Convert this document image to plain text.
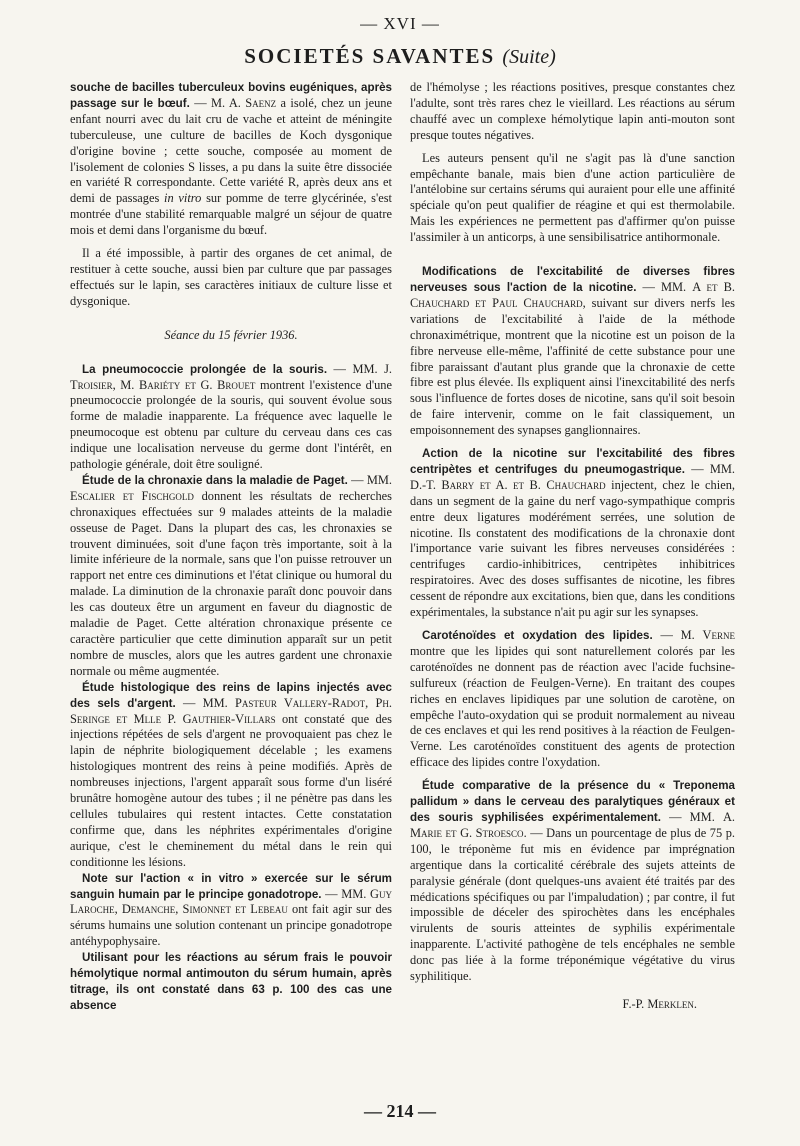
— XVI —
SOCIETÉS SAVANTES (Suite)

souche de bacilles tuberculeux bovins eugéniques, après passage sur le bœuf. — M. A. Saenz a isolé, chez un jeune enfant nourri avec du lait cru de vache et atteint de méningite tuberculeuse, une culture de bacilles de Koch dysgonique d'origine bovine ; cette souche, composée au moment de l'isolement de colonies S lisses, a pu dans la suite être dissociée en variété R correspondante. Cette variété R, après deux ans et demi de passages in vitro sur pomme de terre glycérinée, s'est montrée d'une stabilité remarquable malgré un séjour de quatre mois et demi dans l'organisme du bœuf.

Il a été impossible, à partir des organes de cet animal, de restituer à cette souche, aussi bien par culture que par passages effectués sur le lapin, ses caractères initiaux de culture lisse et dysgonique.

Séance du 15 février 1936.

La pneumococcie prolongée de la souris. — MM. J. Troisier, M. Bariéty et G. Brouet montrent l'existence d'une pneumococcie prolongée de la souris, qui souvent évolue sous forme de maladie inapparente. La fréquence avec laquelle le pneumocoque est obtenu par culture du cerveau dans ces cas indique une localisation nerveuse du germe dont l'intérêt, en pathologie générale, doit être souligné.

Étude de la chronaxie dans la maladie de Paget. — MM. Escalier et Fischgold donnent les résultats de recherches chronaxiques effectuées sur 9 malades atteints de la maladie osseuse de Paget. Dans la plupart des cas, les chronaxies se trouvent diminuées, soit d'une façon très importante, soit à la limite inférieure de la normale, sans que l'on puisse retrouver un rapport net entre ces diminutions et l'état clinique ou humoral du malade. La diminution de la chronaxie paraît donc pouvoir dans les cas douteux être un argument en faveur du diagnostic de maladie de Paget. Cette altération chronaxique présente ce caractère particulier que cette diminution apparaît sur un petit nombre de muscles, alors que les autres gardent une chronaxie normale ou même augmentée.

Étude histologique des reins de lapins injectés avec des sels d'argent. — MM. Pasteur Vallery-Radot, Ph. Seringe et Mlle P. Gauthier-Villars ont constaté que des injections répétées de sels d'argent ne provoquaient pas chez le lapin de néphrite biologiquement décelable ; les examens histologiques montrent des reins à peine modifiés. Après de nombreuses injections, l'argent apparaît sous forme d'un liséré brunâtre homogène autour des tubes ; il ne pénètre pas dans les cellules tubulaires qui restent intactes. Cette constatation confirme que, dans les néphrites expérimentales d'origine aurique, c'est le cheminement du métal dans le rein qui conditionne les lésions.

Note sur l'action « in vitro » exercée sur le sérum sanguin humain par le principe gonadotrope. — MM. Guy Laroche, Demanche, Simonnet et Lebeau ont fait agir sur des sérums humains une solution contenant un principe gonadotrope antéhypophysaire.

Utilisant pour les réactions au sérum frais le pouvoir hémolytique normal antimouton du sérum humain, après titrage, ils ont constaté dans 63 p. 100 des cas une absence

de l'hémolyse ; les réactions positives, presque constantes chez l'adulte, sont très rares chez le vieillard. Les réactions au sérum chauffé avec un complexe hémolytique lapin anti-mouton sont presque toutes négatives.

Les auteurs pensent qu'il ne s'agit pas là d'une sanction empêchante banale, mais bien d'une action particulière de l'antélobine sur certains sérums qui auraient pour elle une affinité spéciale qu'on peut qualifier de réagine et qui est thermolabile. Mais les expériences ne permettent pas d'affirmer qu'on puisse l'assimiler à un anticorps, à une sensibilisatrice antihormonale.

Modifications de l'excitabilité de diverses fibres nerveuses sous l'action de la nicotine. — MM. A et B. Chauchard et Paul Chauchard, suivant sur divers nerfs les variations de l'excitabilité à l'aide de la méthode chronaximétrique, montrent que la nicotine est un poison de la fibre nerveuse elle-même, l'affinité de cette substance pour une fibre paraissant d'autant plus grande que la chronaxie de cette fibre est plus élevée. Ils expliquent ainsi l'inexcitabilité des nerfs sous l'influence de fortes doses de nicotine, sans qu'il soit besoin de faire intervenir, comme on le fait classiquement, un empoisonnement des synapses ganglionnaires.

Action de la nicotine sur l'excitabilité des fibres centripètes et centrifuges du pneumogastrique. — MM. D.-T. Barry et A. et B. Chauchard injectent, chez le chien, dans un segment de la gaine du nerf vago-sympathique compris entre deux ligatures modérément serrées, une solution de nicotine. Ils constatent des modifications de la chronaxie dont l'importance varie suivant les fibres nerveuses considérées : centrifuges cardio-inhibitrices, centripètes inhibitrices respiratoires. Avec des doses suffisantes de nicotine, les fibres cessent de répondre aux excitations, bien que, dans les conditions expérimentales, la substance n'ait pu agir sur les synapses.

Caroténoïdes et oxydation des lipides. — M. Verne montre que les lipides qui sont naturellement colorés par les caroténoïdes ne donnent pas de réaction avec l'acide fuchsine-sulfureux (réaction de Feulgen-Verne). En traitant des coupes riches en enclaves lipidiques par une solution de carotène, on empêche l'auto-oxydation qui se produit normalement au niveau de ces enclaves et qui les rend positives à la réaction de Feulgen-Verne. Les caroténoïdes constituent des agents de protection efficace des lipides contre l'oxydation.

Étude comparative de la présence du « Treponema pallidum » dans le cerveau des paralytiques généraux et des souris syphilisées expérimentalement. — MM. A. Marie et G. Stroesco. — Dans un pourcentage de plus de 75 p. 100, le tréponème fut mis en évidence par imprégnation argentique dans la corticalité cérébrale des sujets atteints de paralysie générale (dont quelques-uns avaient été traités par des médications spécifiques ou par l'impaludation) ; par contre, il fut impossible de déceler des spirochètes dans les encéphales virulents de souris atteintes de syphilis expérimentale inapparente. L'activité pathogène de tels encéphales ne semble donc pas liée à la forme tréponémique végétative du virus syphilitique.

F.-P. Merklen.

— 214 —
